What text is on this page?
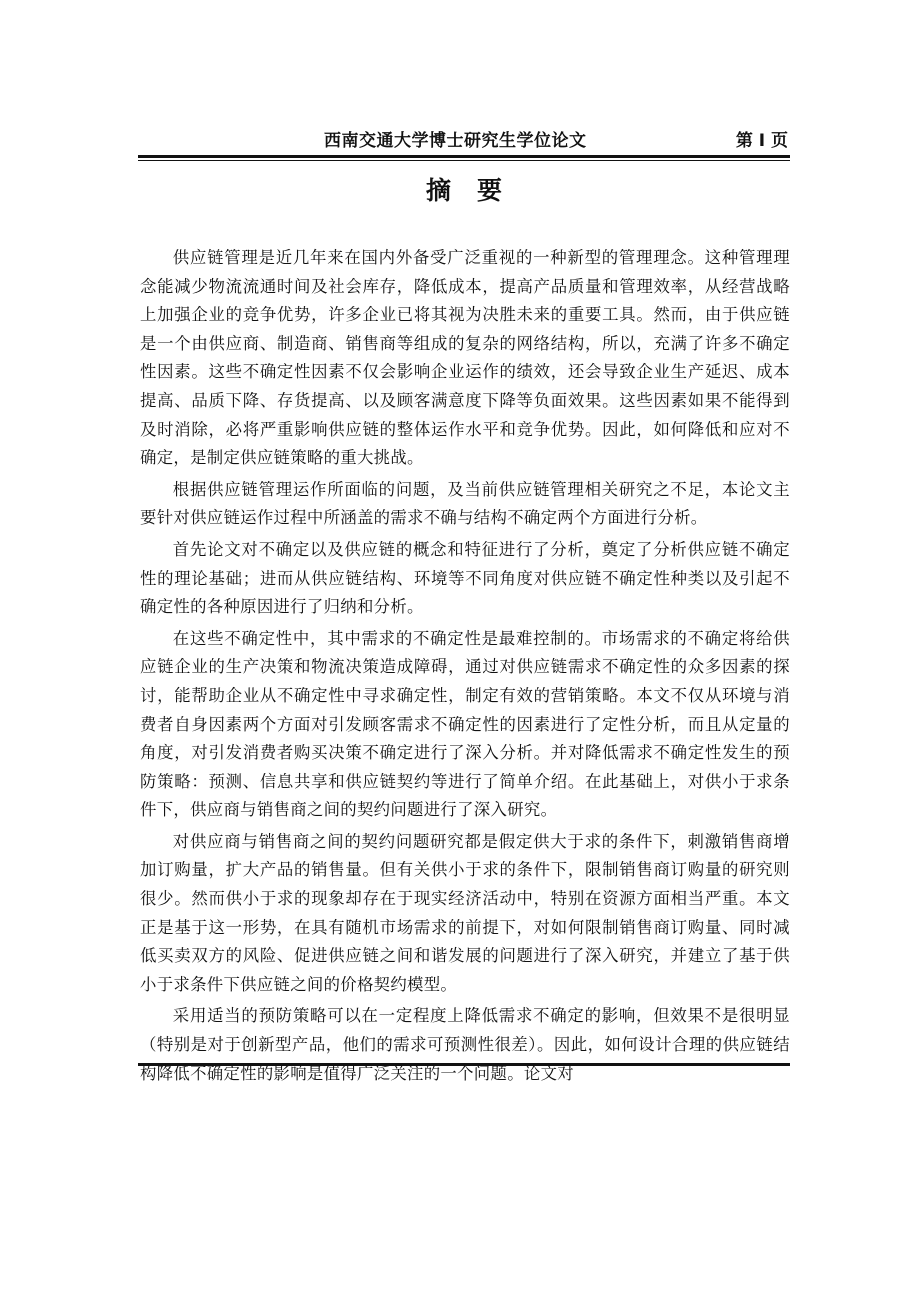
西南交通大学博士研究生学位论文	第 I 页
摘要

供应链管理是近几年来在国内外备受广泛重视的一种新型的管理理念。这种管理理念能减少物流流通时间及社会库存，降低成本，提高产品质量和管理效率，从经营战略上加强企业的竞争优势，许多企业已将其视为决胜未来的重要工具。然而，由于供应链是一个由供应商、制造商、销售商等组成的复杂的网络结构，所以，充满了许多不确定性因素。这些不确定性因素不仅会影响企业运作的绩效，还会导致企业生产延迟、成本提高、品质下降、存货提高、以及顾客满意度下降等负面效果。这些因素如果不能得到及时消除，必将严重影响供应链的整体运作水平和竞争优势。因此，如何降低和应对不确定，是制定供应链策略的重大挑战。

根据供应链管理运作所面临的问题，及当前供应链管理相关研究之不足，本论文主要针对供应链运作过程中所涵盖的需求不确与结构不确定两个方面进行分析。

首先论文对不确定以及供应链的概念和特征进行了分析，奠定了分析供应链不确定性的理论基础；进而从供应链结构、环境等不同角度对供应链不确定性种类以及引起不确定性的各种原因进行了归纳和分析。

在这些不确定性中，其中需求的不确定性是最难控制的。市场需求的不确定将给供应链企业的生产决策和物流决策造成障碍，通过对供应链需求不确定性的众多因素的探讨，能帮助企业从不确定性中寻求确定性，制定有效的营销策略。本文不仅从环境与消费者自身因素两个方面对引发顾客需求不确定性的因素进行了定性分析，而且从定量的角度，对引发消费者购买决策不确定进行了深入分析。并对降低需求不确定性发生的预防策略：预测、信息共享和供应链契约等进行了简单介绍。在此基础上，对供小于求条件下，供应商与销售商之间的契约问题进行了深入研究。

对供应商与销售商之间的契约问题研究都是假定供大于求的条件下，刺激销售商增加订购量，扩大产品的销售量。但有关供小于求的条件下，限制销售商订购量的研究则很少。然而供小于求的现象却存在于现实经济活动中，特别在资源方面相当严重。本文正是基于这一形势，在具有随机市场需求的前提下，对如何限制销售商订购量、同时减低买卖双方的风险、促进供应链之间和谐发展的问题进行了深入研究，并建立了基于供小于求条件下供应链之间的价格契约模型。

采用适当的预防策略可以在一定程度上降低需求不确定的影响，但效果不是很明显（特别是对于创新型产品，他们的需求可预测性很差）。因此，如何设计合理的供应链结构降低不确定性的影响是值得广泛关注的一个问题。论文对
